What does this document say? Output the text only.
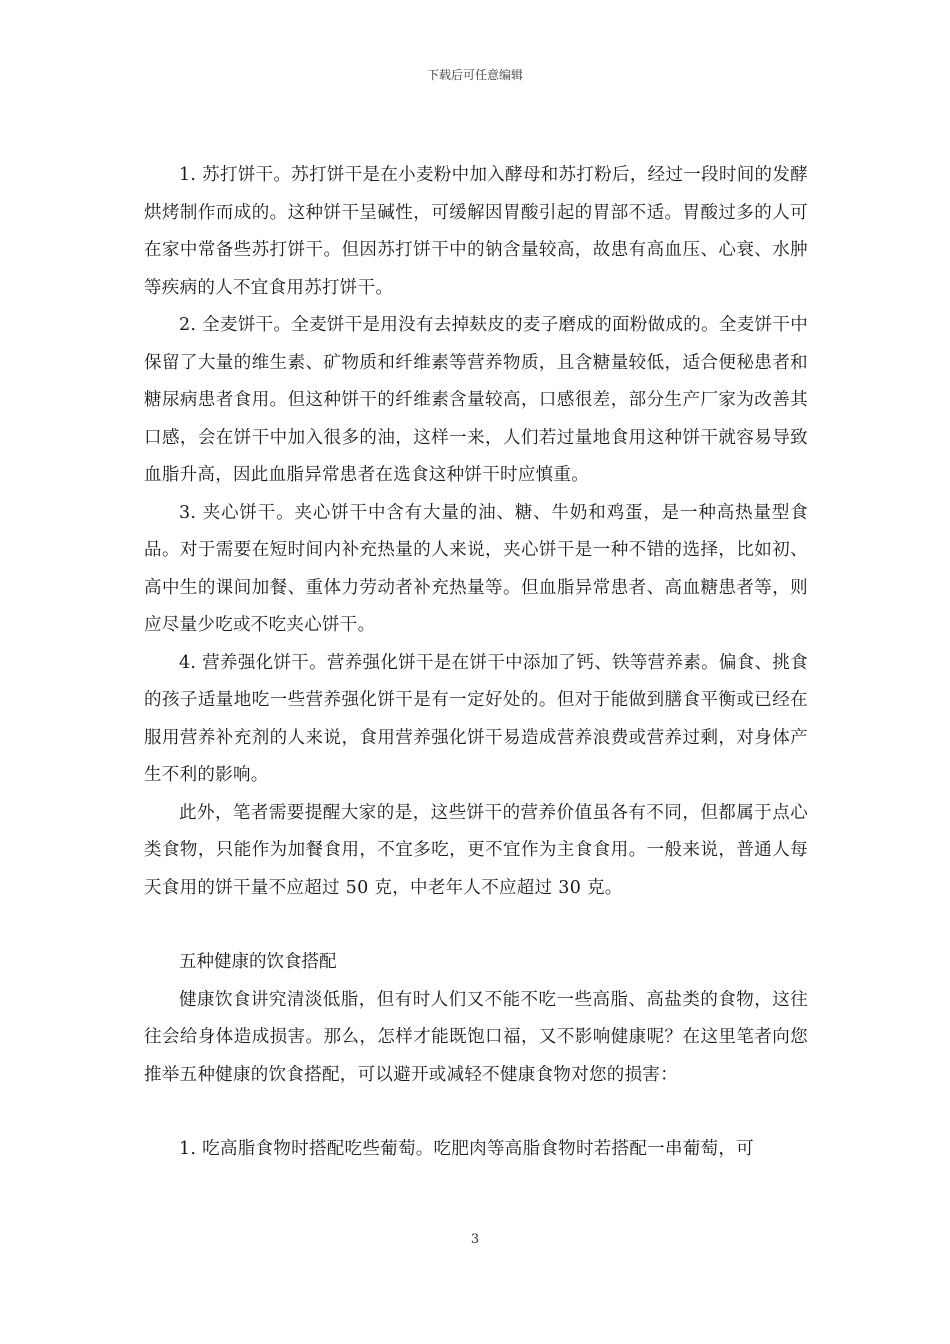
下载后可任意编辑

1. 苏打饼干。苏打饼干是在小麦粉中加入酵母和苏打粉后，经过一段时间的发酵烘烤制作而成的。这种饼干呈碱性，可缓解因胃酸引起的胃部不适。胃酸过多的人可在家中常备些苏打饼干。但因苏打饼干中的钠含量较高，故患有高血压、心衰、水肿等疾病的人不宜食用苏打饼干。

2. 全麦饼干。全麦饼干是用没有去掉麸皮的麦子磨成的面粉做成的。全麦饼干中保留了大量的维生素、矿物质和纤维素等营养物质，且含糖量较低，适合便秘患者和糖尿病患者食用。但这种饼干的纤维素含量较高，口感很差，部分生产厂家为改善其口感，会在饼干中加入很多的油，这样一来，人们若过量地食用这种饼干就容易导致血脂升高，因此血脂异常患者在选食这种饼干时应慎重。

3. 夹心饼干。夹心饼干中含有大量的油、糖、牛奶和鸡蛋，是一种高热量型食品。对于需要在短时间内补充热量的人来说，夹心饼干是一种不错的选择，比如初、高中生的课间加餐、重体力劳动者补充热量等。但血脂异常患者、高血糖患者等，则应尽量少吃或不吃夹心饼干。

4. 营养强化饼干。营养强化饼干是在饼干中添加了钙、铁等营养素。偏食、挑食的孩子适量地吃一些营养强化饼干是有一定好处的。但对于能做到膳食平衡或已经在服用营养补充剂的人来说，食用营养强化饼干易造成营养浪费或营养过剩，对身体产生不利的影响。

此外，笔者需要提醒大家的是，这些饼干的营养价值虽各有不同，但都属于点心类食物，只能作为加餐食用，不宜多吃，更不宜作为主食食用。一般来说，普通人每天食用的饼干量不应超过 50 克，中老年人不应超过 30 克。

五种健康的饮食搭配

健康饮食讲究清淡低脂，但有时人们又不能不吃一些高脂、高盐类的食物，这往往会给身体造成损害。那么，怎样才能既饱口福，又不影响健康呢？在这里笔者向您推举五种健康的饮食搭配，可以避开或减轻不健康食物对您的损害：

1. 吃高脂食物时搭配吃些葡萄。吃肥肉等高脂食物时若搭配一串葡萄，可

3
